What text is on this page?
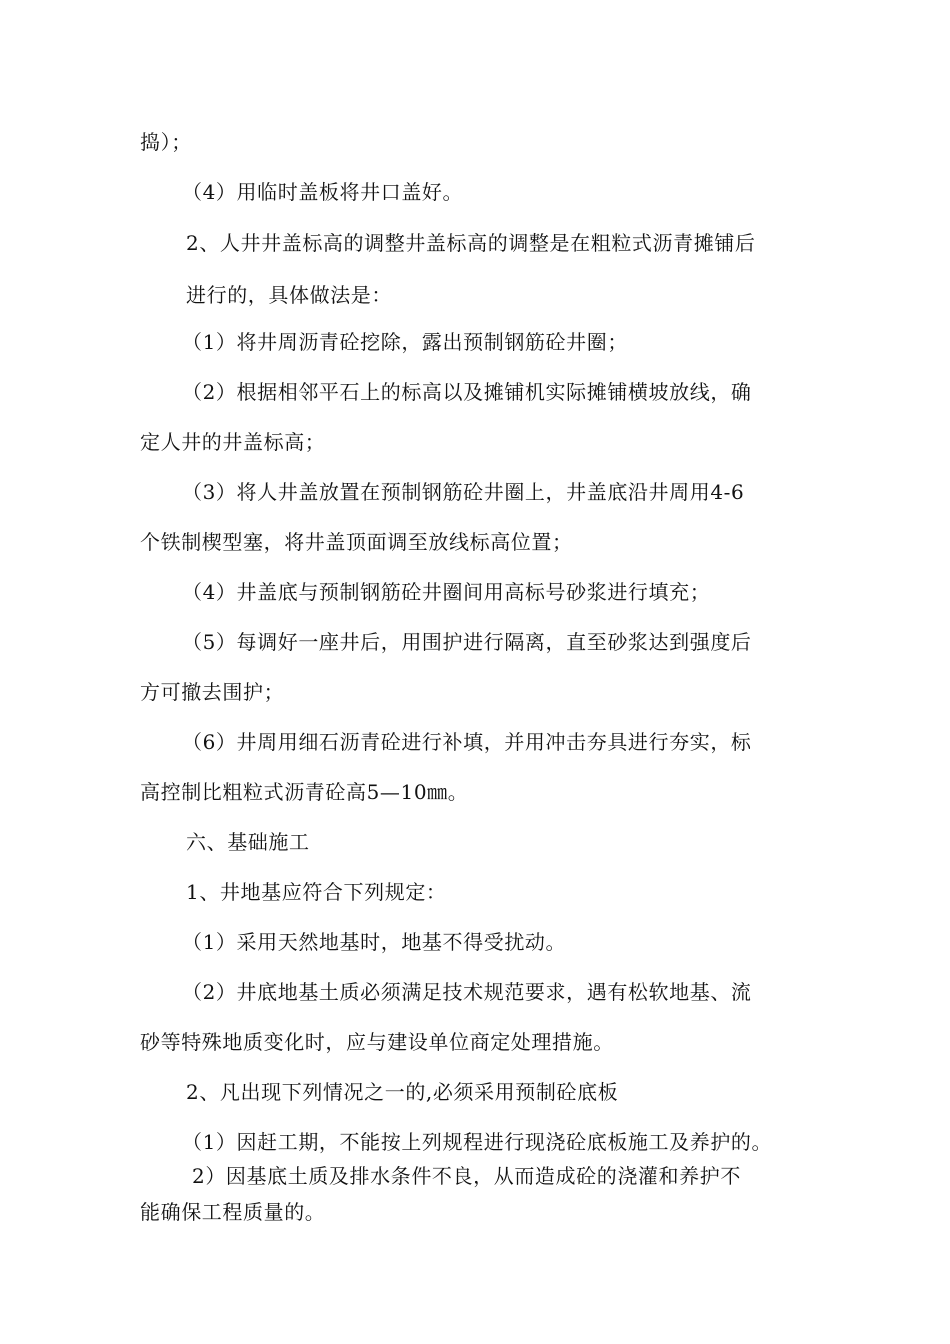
捣）；
（4）用临时盖板将井口盖好。
2、人井井盖标高的调整井盖标高的调整是在粗粒式沥青摊铺后
进行的，具体做法是：
（1）将井周沥青砼挖除，露出预制钢筋砼井圈；
（2）根据相邻平石上的标高以及摊铺机实际摊铺横坡放线，确
定人井的井盖标高；
（3）将人井盖放置在预制钢筋砼井圈上，井盖底沿井周用4-6
个铁制楔型塞，将井盖顶面调至放线标高位置；
（4）井盖底与预制钢筋砼井圈间用高标号砂浆进行填充；
（5）每调好一座井后，用围护进行隔离，直至砂浆达到强度后
方可撤去围护；
（6）井周用细石沥青砼进行补填，并用冲击夯具进行夯实，标
高控制比粗粒式沥青砼高5—10㎜。
六、基础施工
1、井地基应符合下列规定：
（1）采用天然地基时，地基不得受扰动。
（2）井底地基土质必须满足技术规范要求，遇有松软地基、流
砂等特殊地质变化时，应与建设单位商定处理措施。
2、凡出现下列情况之一的,必须采用预制砼底板
（1）因赶工期，不能按上列规程进行现浇砼底板施工及养护的。
2）因基底土质及排水条件不良，从而造成砼的浇灌和养护不
能确保工程质量的。
